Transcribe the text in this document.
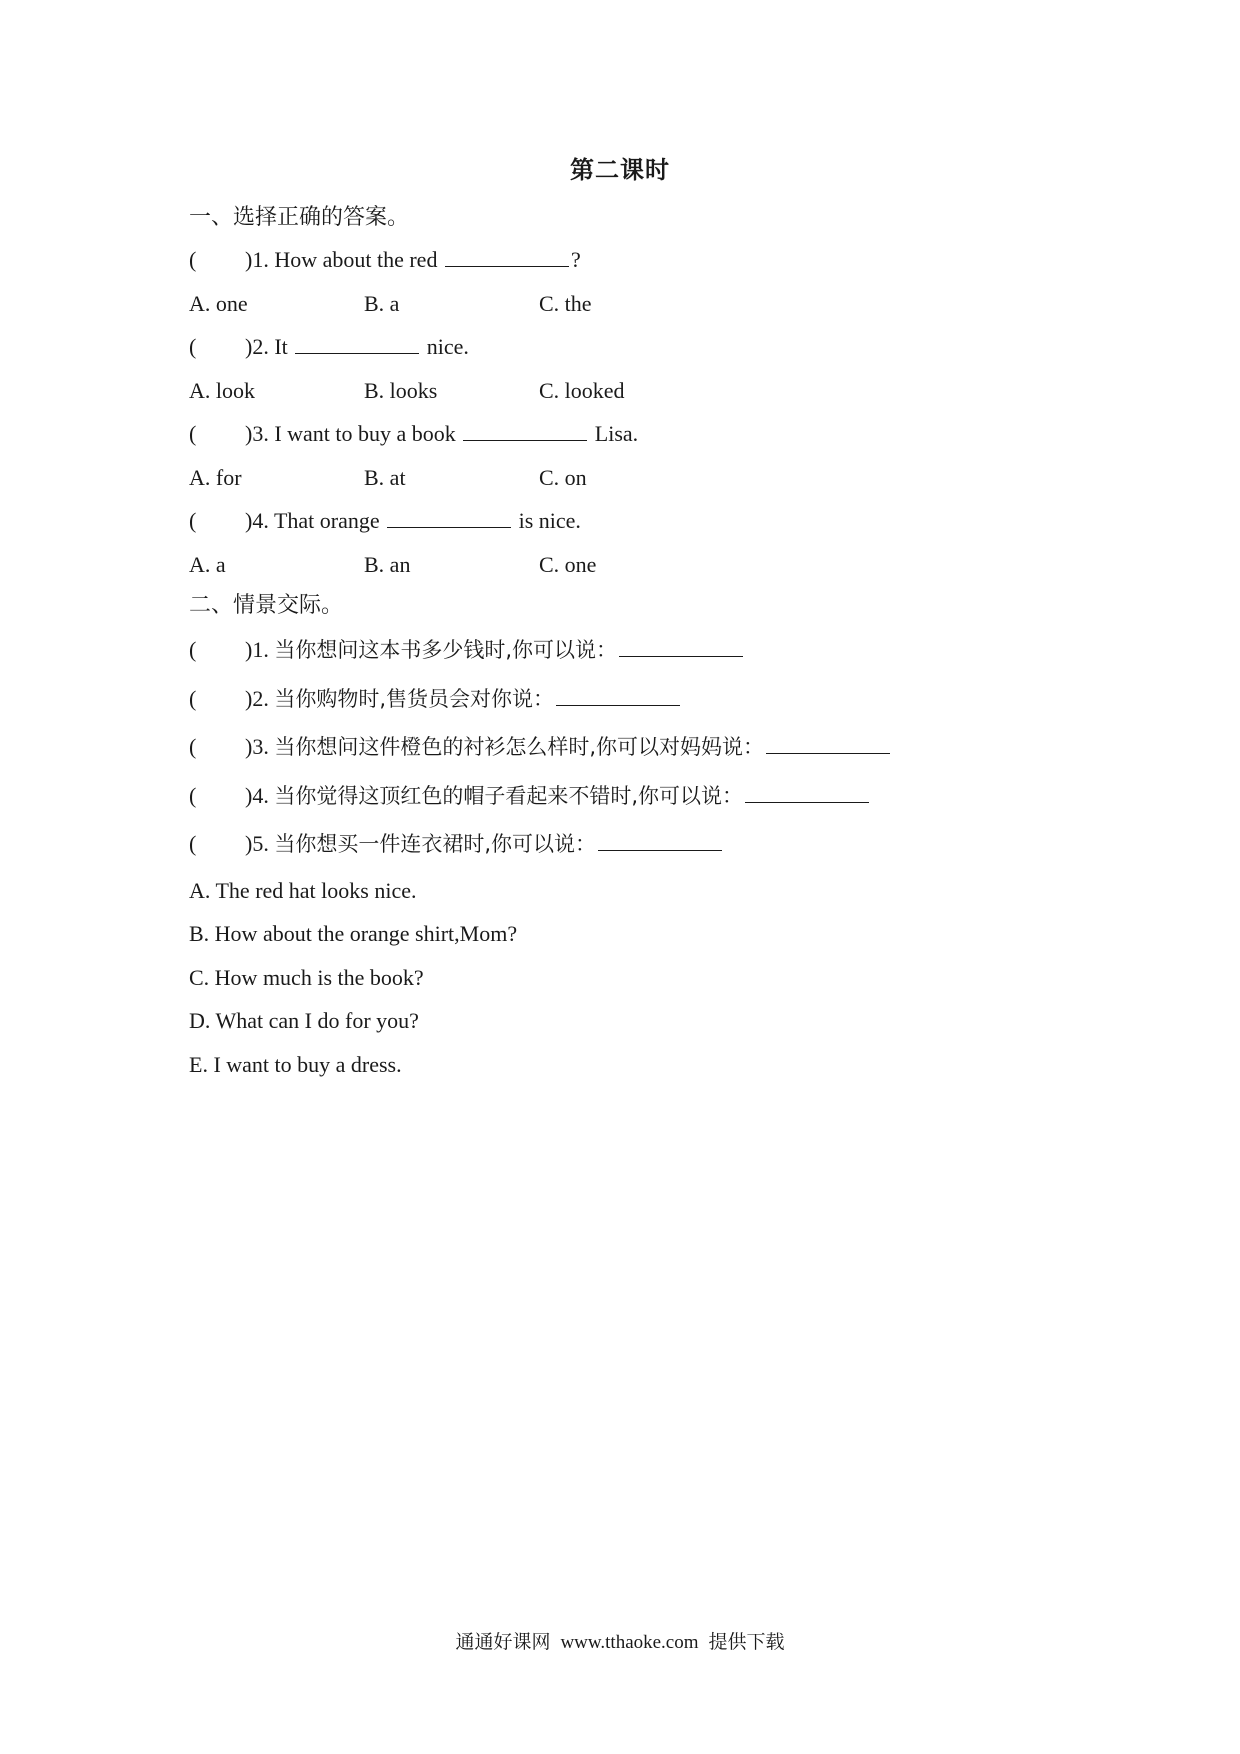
第二课时
一、选择正确的答案。
( )1. How about the red	?
A. one	B. a	C. the
( )2. It	nice.
A. look	B. looks	C. looked
( )3. I want to buy a book	Lisa.
A. for	B. at	C. on
( )4. That orange	is nice.
A. a	B. an	C. one
二、情景交际。
( )1. 当你想问这本书多少钱时,你可以说：
( )2. 当你购物时,售货员会对你说：
( )3. 当你想问这件橙色的衬衫怎么样时,你可以对妈妈说：
( )4. 当你觉得这顶红色的帽子看起来不错时,你可以说：
( )5. 当你想买一件连衣裙时,你可以说：
A. The red hat looks nice.
B. How about the orange shirt,Mom?
C. How much is the book?
D. What can I do for you?
E. I want to buy a dress.
通通好课网 www.tthaoke.com 提供下载
